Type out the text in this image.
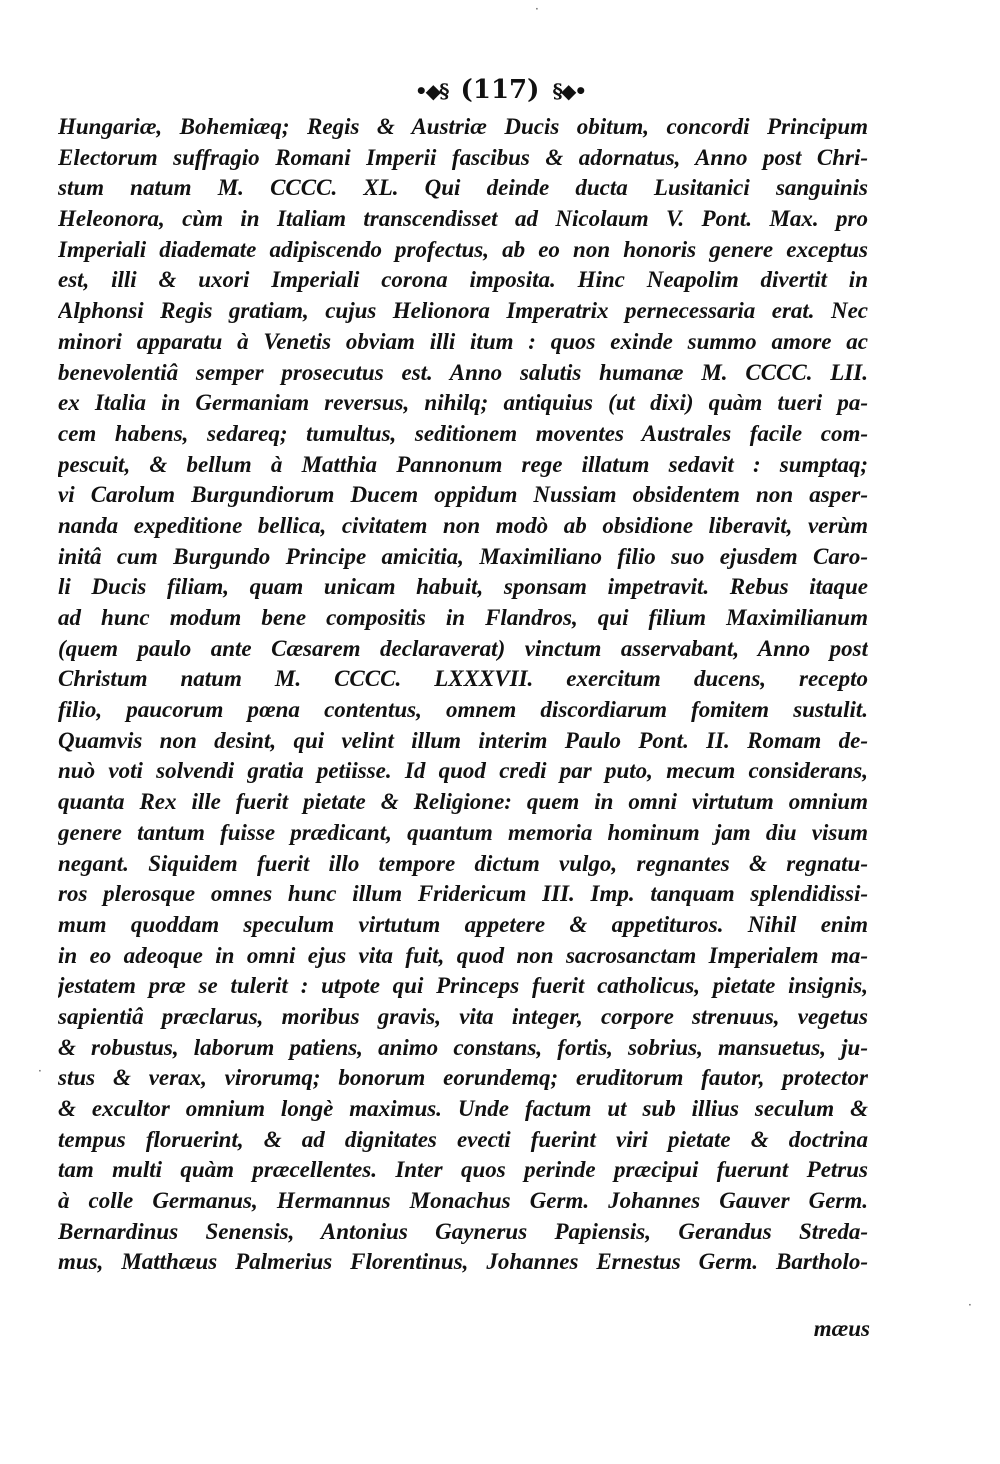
•◆§ (117) §◆•
Hungariæ, Bohemiæq; Regis & Austriæ Ducis obitum, concordi Principum
Electorum suffragio Romani Imperii fascibus & adornatus, Anno post Chri-
stum natum M. CCCC. XL. Qui deinde ducta Lusitanici sanguinis
Heleonora, cùm in Italiam transcendisset ad Nicolaum V. Pont. Max. pro
Imperiali diademate adipiscendo profectus, ab eo non honoris genere exceptus
est, illi & uxori Imperiali corona imposita. Hinc Neapolim divertit in
Alphonsi Regis gratiam, cujus Helionora Imperatrix pernecessaria erat. Nec
minori apparatu à Venetis obviam illi itum : quos exinde summo amore ac
benevolentiâ semper prosecutus est. Anno salutis humanæ M. CCCC. LII.
ex Italia in Germaniam reversus, nihilq; antiquius (ut dixi) quàm tueri pa-
cem habens, sedareq; tumultus, seditionem moventes Australes facile com-
pescuit, & bellum à Matthia Pannonum rege illatum sedavit : sumptaq;
vi Carolum Burgundiorum Ducem oppidum Nussiam obsidentem non asper-
nanda expeditione bellica, civitatem non modò ab obsidione liberavit, verùm
initâ cum Burgundo Principe amicitia, Maximiliano filio suo ejusdem Caro-
li Ducis filiam, quam unicam habuit, sponsam impetravit. Rebus itaque
ad hunc modum bene compositis in Flandros, qui filium Maximilianum
(quem paulo ante Cæsarem declaraverat) vinctum asservabant, Anno post
Christum natum M. CCCC. LXXXVII. exercitum ducens, recepto
filio, paucorum pœna contentus, omnem discordiarum fomitem sustulit.
Quamvis non desint, qui velint illum interim Paulo Pont. II. Romam de-
nuò voti solvendi gratia petiisse. Id quod credi par puto, mecum considerans,
quanta Rex ille fuerit pietate & Religione: quem in omni virtutum omnium
genere tantum fuisse prædicant, quantum memoria hominum jam diu visum
negant. Siquidem fuerit illo tempore dictum vulgo, regnantes & regnatu-
ros plerosque omnes hunc illum Fridericum III. Imp. tanquam splendidissi-
mum quoddam speculum virtutum appetere & appetituros. Nihil enim
in eo adeoque in omni ejus vita fuit, quod non sacrosanctam Imperialem ma-
jestatem præ se tulerit : utpote qui Princeps fuerit catholicus, pietate insignis,
sapientiâ præclarus, moribus gravis, vita integer, corpore strenuus, vegetus
& robustus, laborum patiens, animo constans, fortis, sobrius, mansuetus, ju-
stus & verax, virorumq; bonorum eorundemq; eruditorum fautor, protector
& excultor omnium longè maximus. Unde factum ut sub illius seculum &
tempus floruerint, & ad dignitates evecti fuerint viri pietate & doctrina
tam multi quàm præcellentes. Inter quos perinde præcipui fuerunt Petrus
à colle Germanus, Hermannus Monachus Germ. Johannes Gauver Germ.
Bernardinus Senensis, Antonius Gaynerus Papiensis, Gerandus Streda-
mus, Matthæus Palmerius Florentinus, Johannes Ernestus Germ. Bartholo-
mæus
·
·
·
